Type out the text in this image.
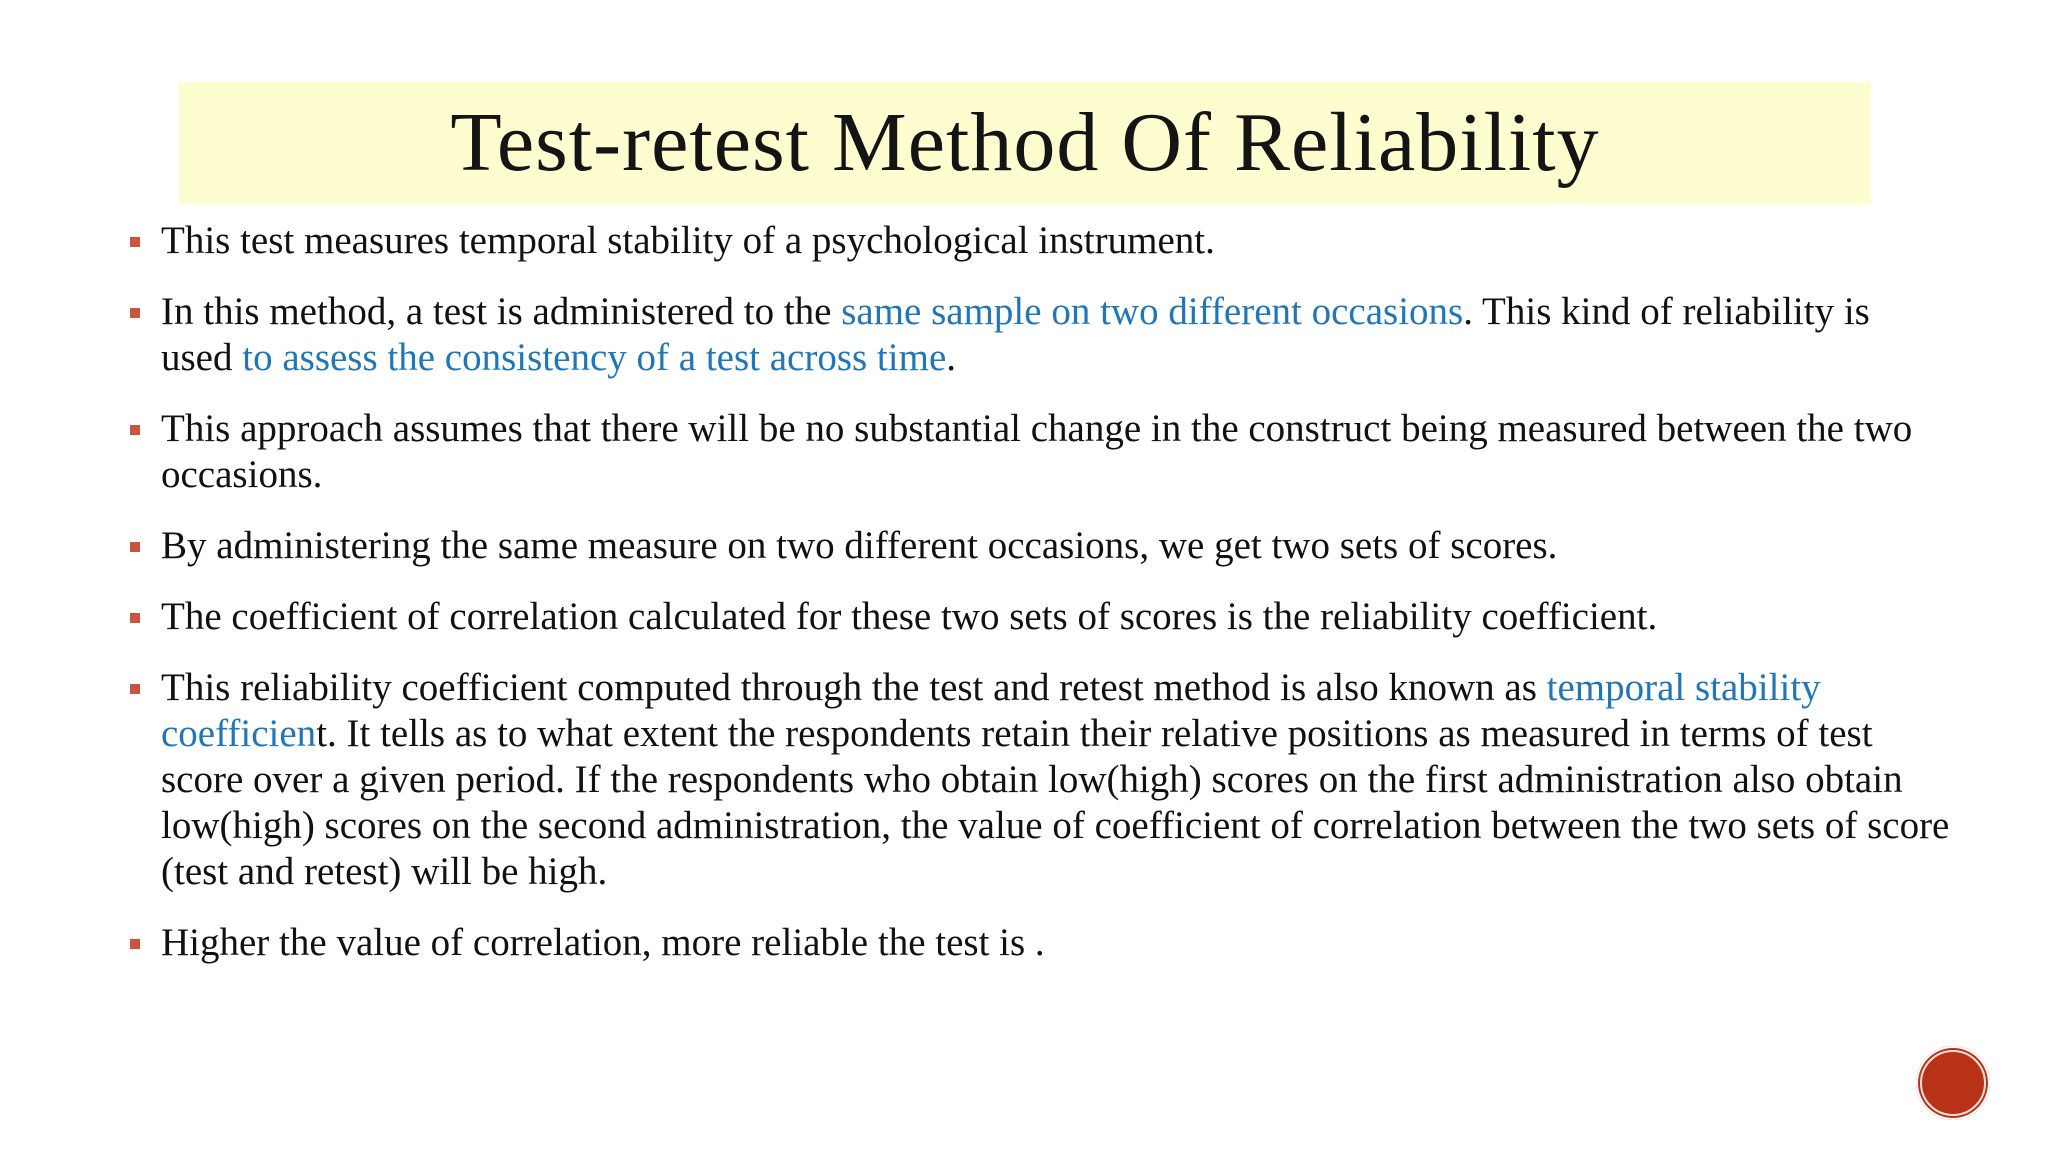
Test-retest Method Of Reliability
This test measures temporal stability of a psychological instrument.
In this method, a test is administered to the same sample on two different occasions. This kind of reliability is used to assess the consistency of a test across time.
This approach assumes that there will be no substantial change in the construct being measured between the two occasions.
By administering the same measure on two different occasions, we get two sets of scores.
The coefficient of correlation calculated for these two sets of scores is the reliability coefficient.
This reliability coefficient computed through the test and retest method is also known as temporal stability coefficient. It tells as to what extent the respondents retain their relative positions as measured in terms of test score over a given period. If the respondents who obtain low(high) scores on the first administration also obtain low(high) scores on the second administration, the value of coefficient of correlation between the two sets of score (test and retest) will be high.
Higher the value of correlation, more reliable the test is .
